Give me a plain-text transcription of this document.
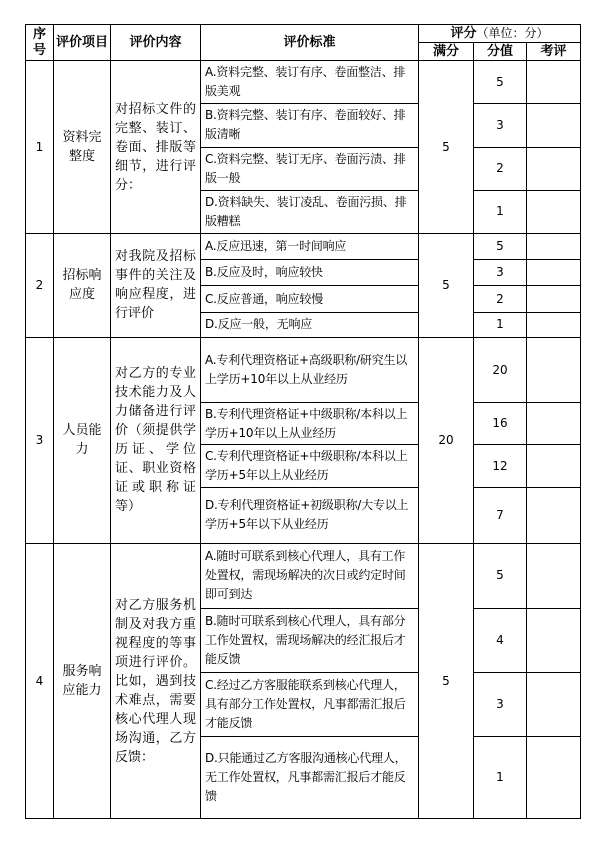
序号	评价项目	评价内容	评价标准	评分（单位：分）		
				满分	分值	考评
1	资料完整度	对招标文件的完整、装订、卷面、排版等细节，进行评分：	A.资料完整、装订有序、卷面整洁、排版美观	5	5	
			B.资料完整、装订有序、卷面较好、排版清晰		3	
			C.资料完整、装订无序、卷面污渍、排版一般		2	
			D.资料缺失、装订凌乱、卷面污损、排版糟糕		1	
2	招标响应度	对我院及招标事件的关注及响应程度，进行评价	A.反应迅速，第一时间响应	5	5	
			B.反应及时，响应较快		3	
			C.反应普通，响应较慢		2	
			D.反应一般，无响应		1	
3	人员能力	对乙方的专业技术能力及人力储备进行评价（须提供学历证、学位证、职业资格证或职称证等）	A.专利代理资格证+高级职称/研究生以上学历+10年以上从业经历	20	20	
			B.专利代理资格证+中级职称/本科以上学历+10年以上从业经历		16	
			C.专利代理资格证+中级职称/本科以上学历+5年以上从业经历		12	
			D.专利代理资格证+初级职称/大专以上学历+5年以下从业经历		7	
4	服务响应能力	对乙方服务机制及对我方重视程度的等事项进行评价。比如，遇到技术难点，需要核心代理人现场沟通，乙方反馈：	A.随时可联系到核心代理人，具有工作处置权，需现场解决的次日或约定时间即可到达	5	5	
			B.随时可联系到核心代理人，具有部分工作处置权，需现场解决的经汇报后才能反馈		4	
			C.经过乙方客服能联系到核心代理人，具有部分工作处置权，凡事都需汇报后才能反馈		3	
			D.只能通过乙方客服沟通核心代理人，无工作处置权，凡事都需汇报后才能反馈		1	
